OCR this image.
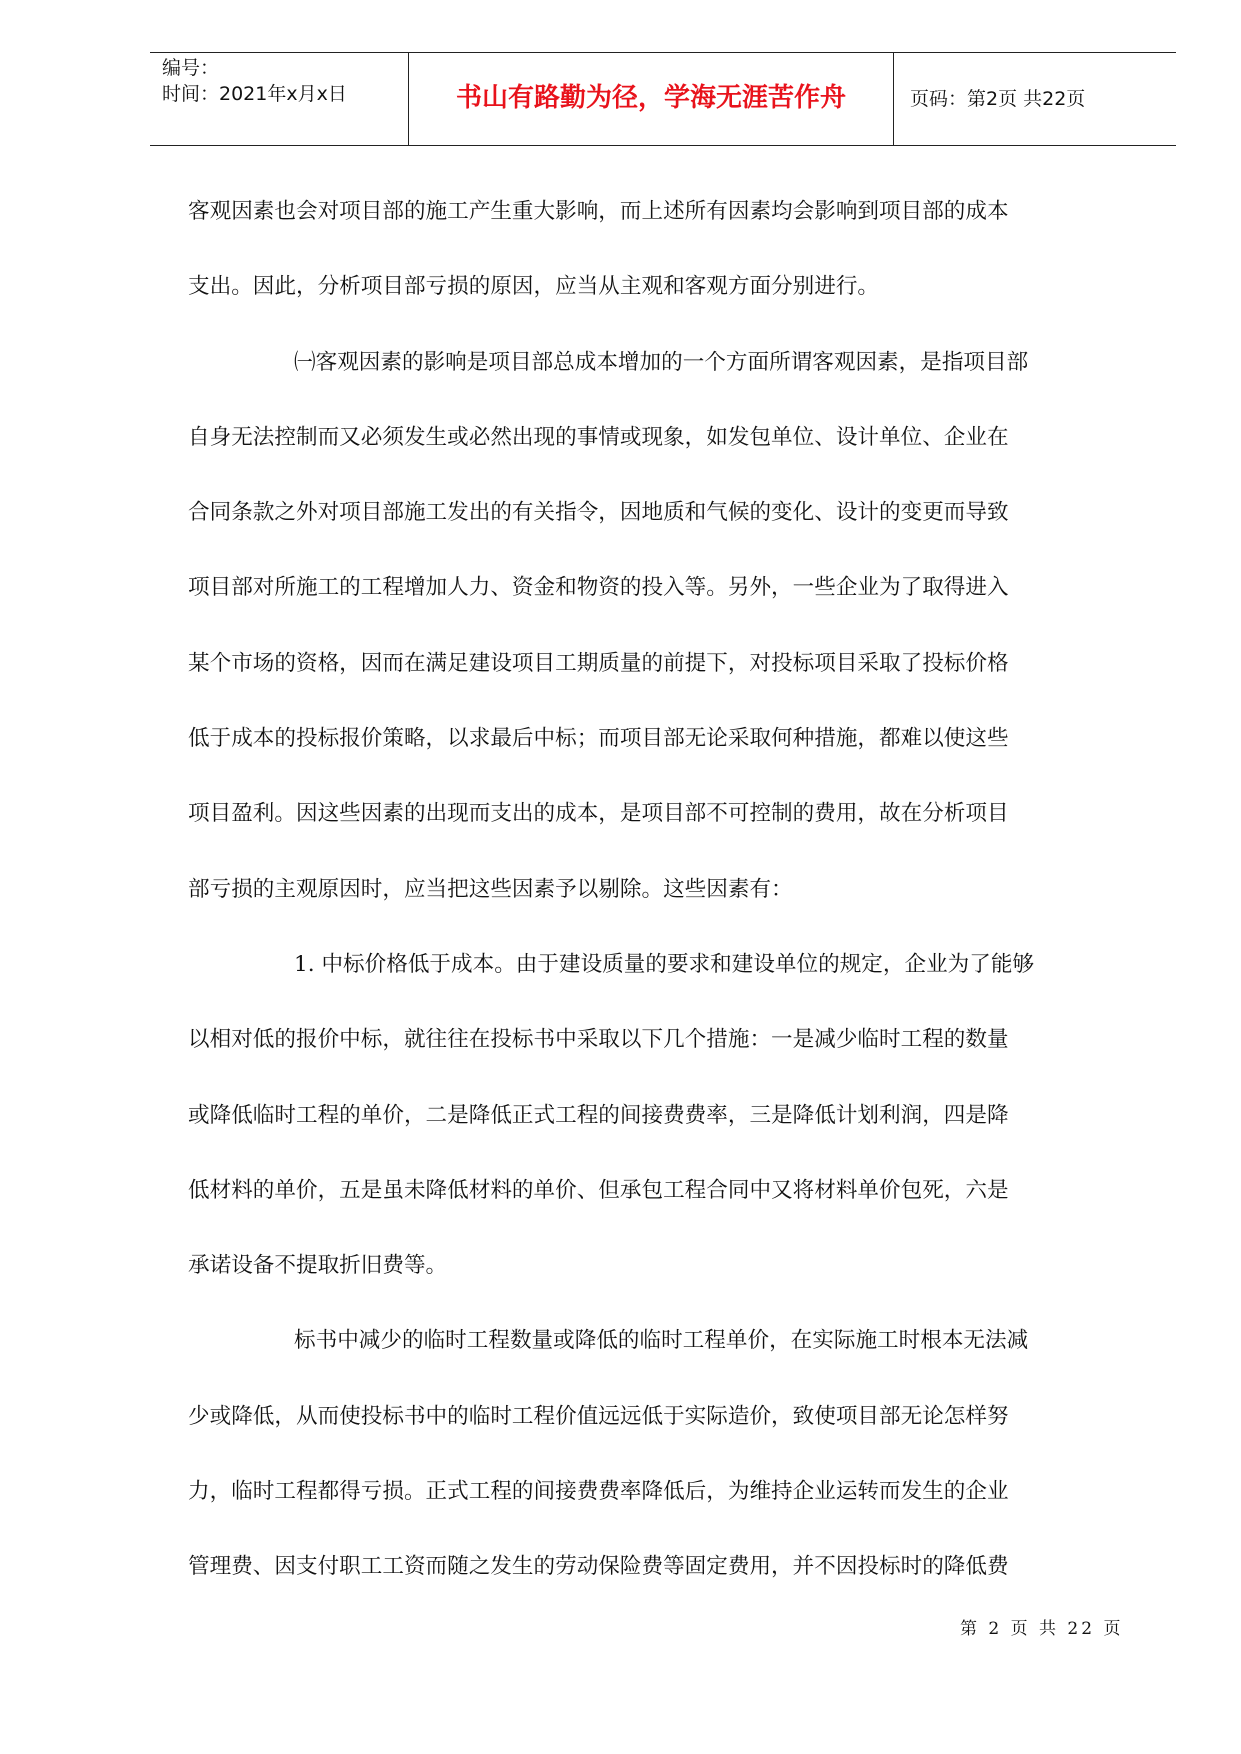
编号：
时间：2021年x月x日	书山有路勤为径，学海无涯苦作舟	页码：第2页 共22页
客观因素也会对项目部的施工产生重大影响，而上述所有因素均会影响到项目部的成本
支出。因此，分析项目部亏损的原因，应当从主观和客观方面分别进行。
㈠客观因素的影响是项目部总成本增加的一个方面所谓客观因素，是指项目部
自身无法控制而又必须发生或必然出现的事情或现象，如发包单位、设计单位、企业在
合同条款之外对项目部施工发出的有关指令，因地质和气候的变化、设计的变更而导致
项目部对所施工的工程增加人力、资金和物资的投入等。另外，一些企业为了取得进入
某个市场的资格，因而在满足建设项目工期质量的前提下，对投标项目采取了投标价格
低于成本的投标报价策略，以求最后中标；而项目部无论采取何种措施，都难以使这些
项目盈利。因这些因素的出现而支出的成本，是项目部不可控制的费用，故在分析项目
部亏损的主观原因时，应当把这些因素予以剔除。这些因素有：
1. 中标价格低于成本。由于建设质量的要求和建设单位的规定，企业为了能够
以相对低的报价中标，就往往在投标书中采取以下几个措施：一是减少临时工程的数量
或降低临时工程的单价，二是降低正式工程的间接费费率，三是降低计划利润，四是降
低材料的单价，五是虽未降低材料的单价、但承包工程合同中又将材料单价包死，六是
承诺设备不提取折旧费等。
标书中减少的临时工程数量或降低的临时工程单价，在实际施工时根本无法减
少或降低，从而使投标书中的临时工程价值远远低于实际造价，致使项目部无论怎样努
力，临时工程都得亏损。正式工程的间接费费率降低后，为维持企业运转而发生的企业
管理费、因支付职工工资而随之发生的劳动保险费等固定费用，并不因投标时的降低费
第 2 页 共 22 页
